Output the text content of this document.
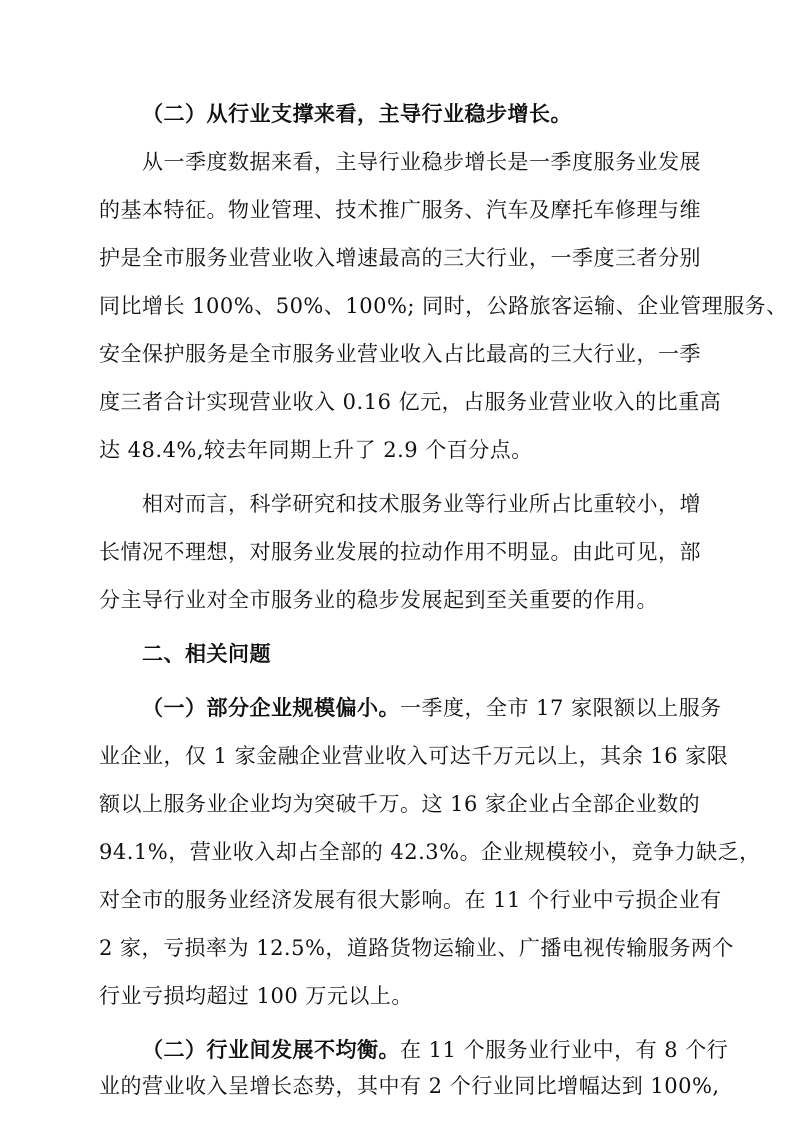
（二）从行业支撑来看，主导行业稳步增长。
从一季度数据来看，主导行业稳步增长是一季度服务业发展
的基本特征。物业管理、技术推广服务、汽车及摩托车修理与维
护是全市服务业营业收入增速最高的三大行业，一季度三者分别
同比增长 100%、50%、100%; 同时，公路旅客运输、企业管理服务、
安全保护服务是全市服务业营业收入占比最高的三大行业，一季
度三者合计实现营业收入 0.16 亿元，占服务业营业收入的比重高
达 48.4%,较去年同期上升了 2.9 个百分点。
相对而言，科学研究和技术服务业等行业所占比重较小，增
长情况不理想，对服务业发展的拉动作用不明显。由此可见，部
分主导行业对全市服务业的稳步发展起到至关重要的作用。
二、相关问题
（一）部分企业规模偏小。一季度，全市 17 家限额以上服务
业企业，仅 1 家金融企业营业收入可达千万元以上，其余 16 家限
额以上服务业企业均为突破千万。这 16 家企业占全部企业数的
94.1%，营业收入却占全部的 42.3%。企业规模较小，竞争力缺乏，
对全市的服务业经济发展有很大影响。在 11 个行业中亏损企业有
2 家，亏损率为 12.5%，道路货物运输业、广播电视传输服务两个
行业亏损均超过 100 万元以上。
（二）行业间发展不均衡。在 11 个服务业行业中，有 8 个行
业的营业收入呈增长态势，其中有 2 个行业同比增幅达到 100%,
